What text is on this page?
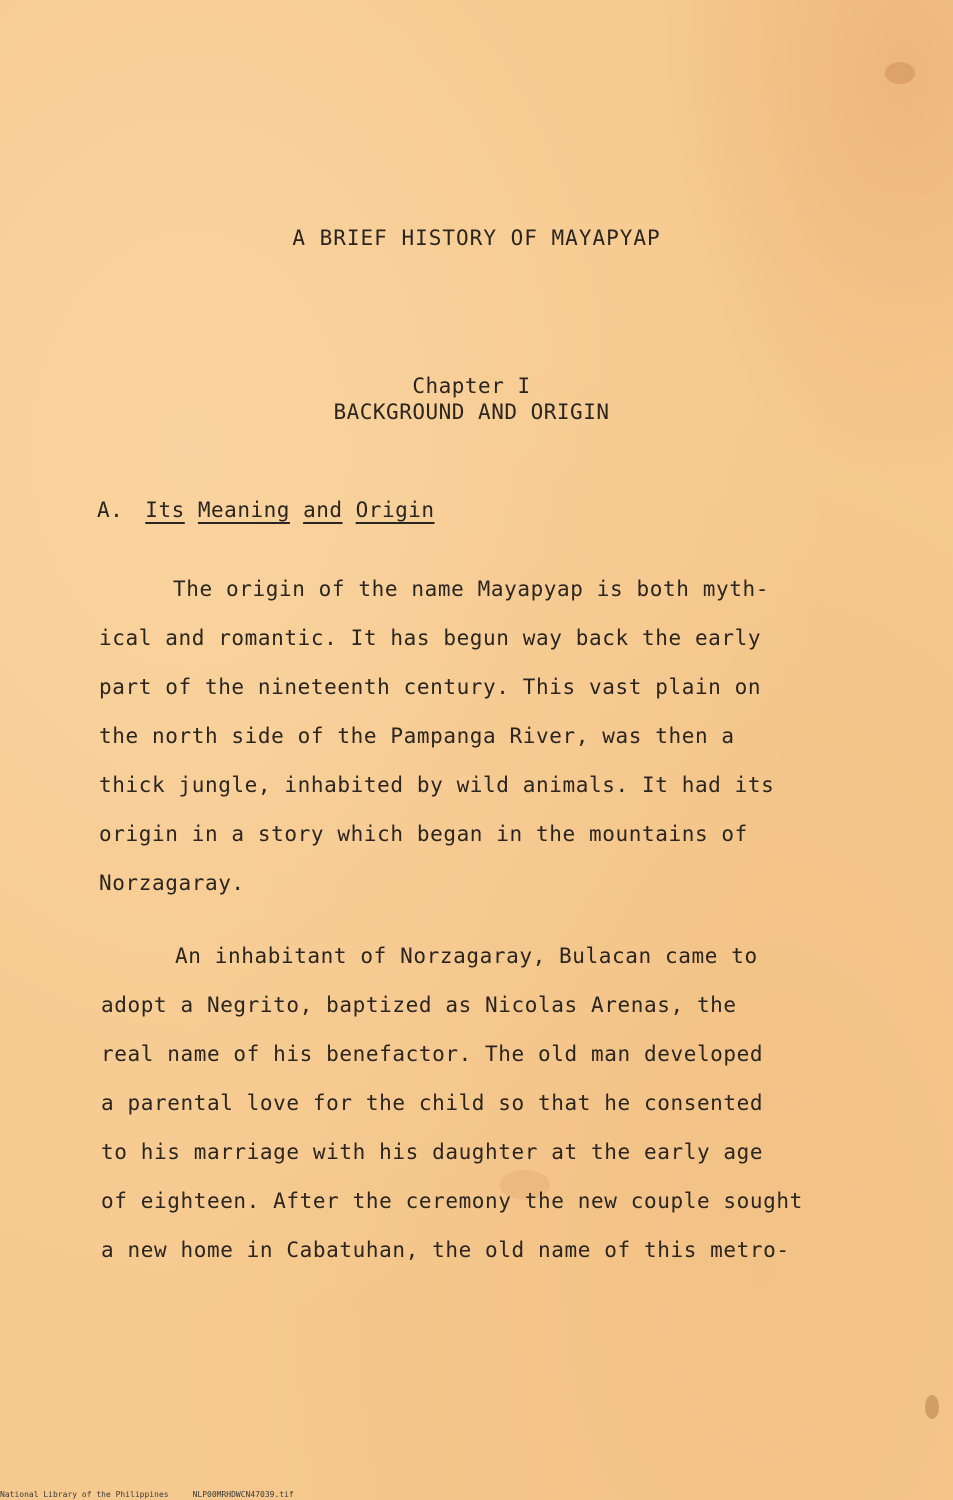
A BRIEF HISTORY OF MAYAPYAP
Chapter I
BACKGROUND AND ORIGIN
A. Its Meaning and Origin
The origin of the name Mayapyap is both myth-
ical and romantic. It has begun way back the early
part of the nineteenth century. This vast plain on
the north side of the Pampanga River, was then a
thick jungle, inhabited by wild animals. It had its
origin in a story which began in the mountains of
Norzagaray.
An inhabitant of Norzagaray, Bulacan came to
adopt a Negrito, baptized as Nicolas Arenas, the
real name of his benefactor. The old man developed
a parental love for the child so that he consented
to his marriage with his daughter at the early age
of eighteen. After the ceremony the new couple sought
a new home in Cabatuhan, the old name of this metro-
National Library of the Philippines	NLP00MRHDWCN47039.tif
